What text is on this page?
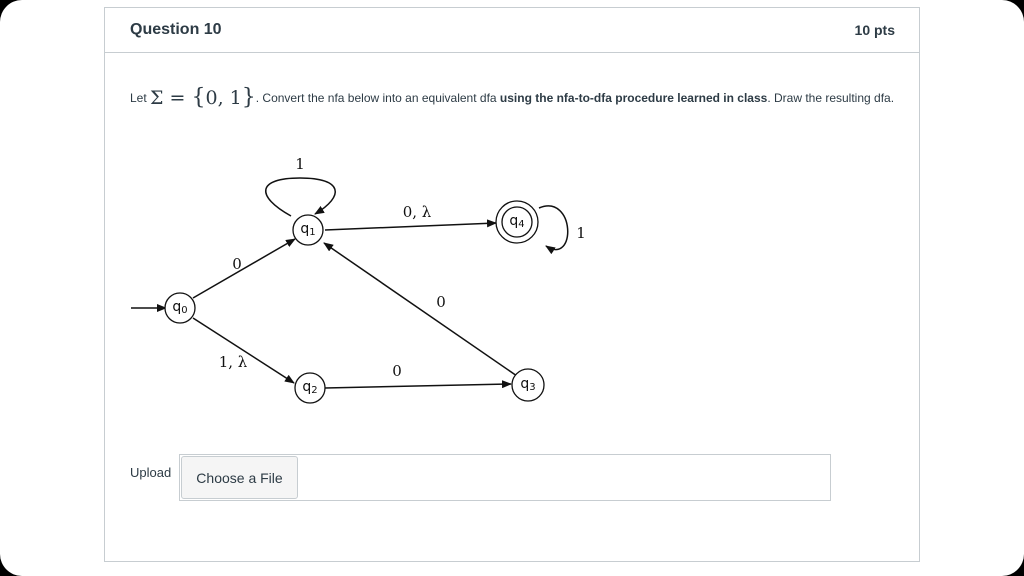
Question 10	10 pts
Let Σ = {0, 1}. Convert the nfa below into an equivalent dfa using the nfa-to-dfa procedure learned in class. Draw the resulting dfa.
q0
q1
q2	q3
q4
1
0, λ
1
0
0
1, λ	0
Upload	Choose a File
